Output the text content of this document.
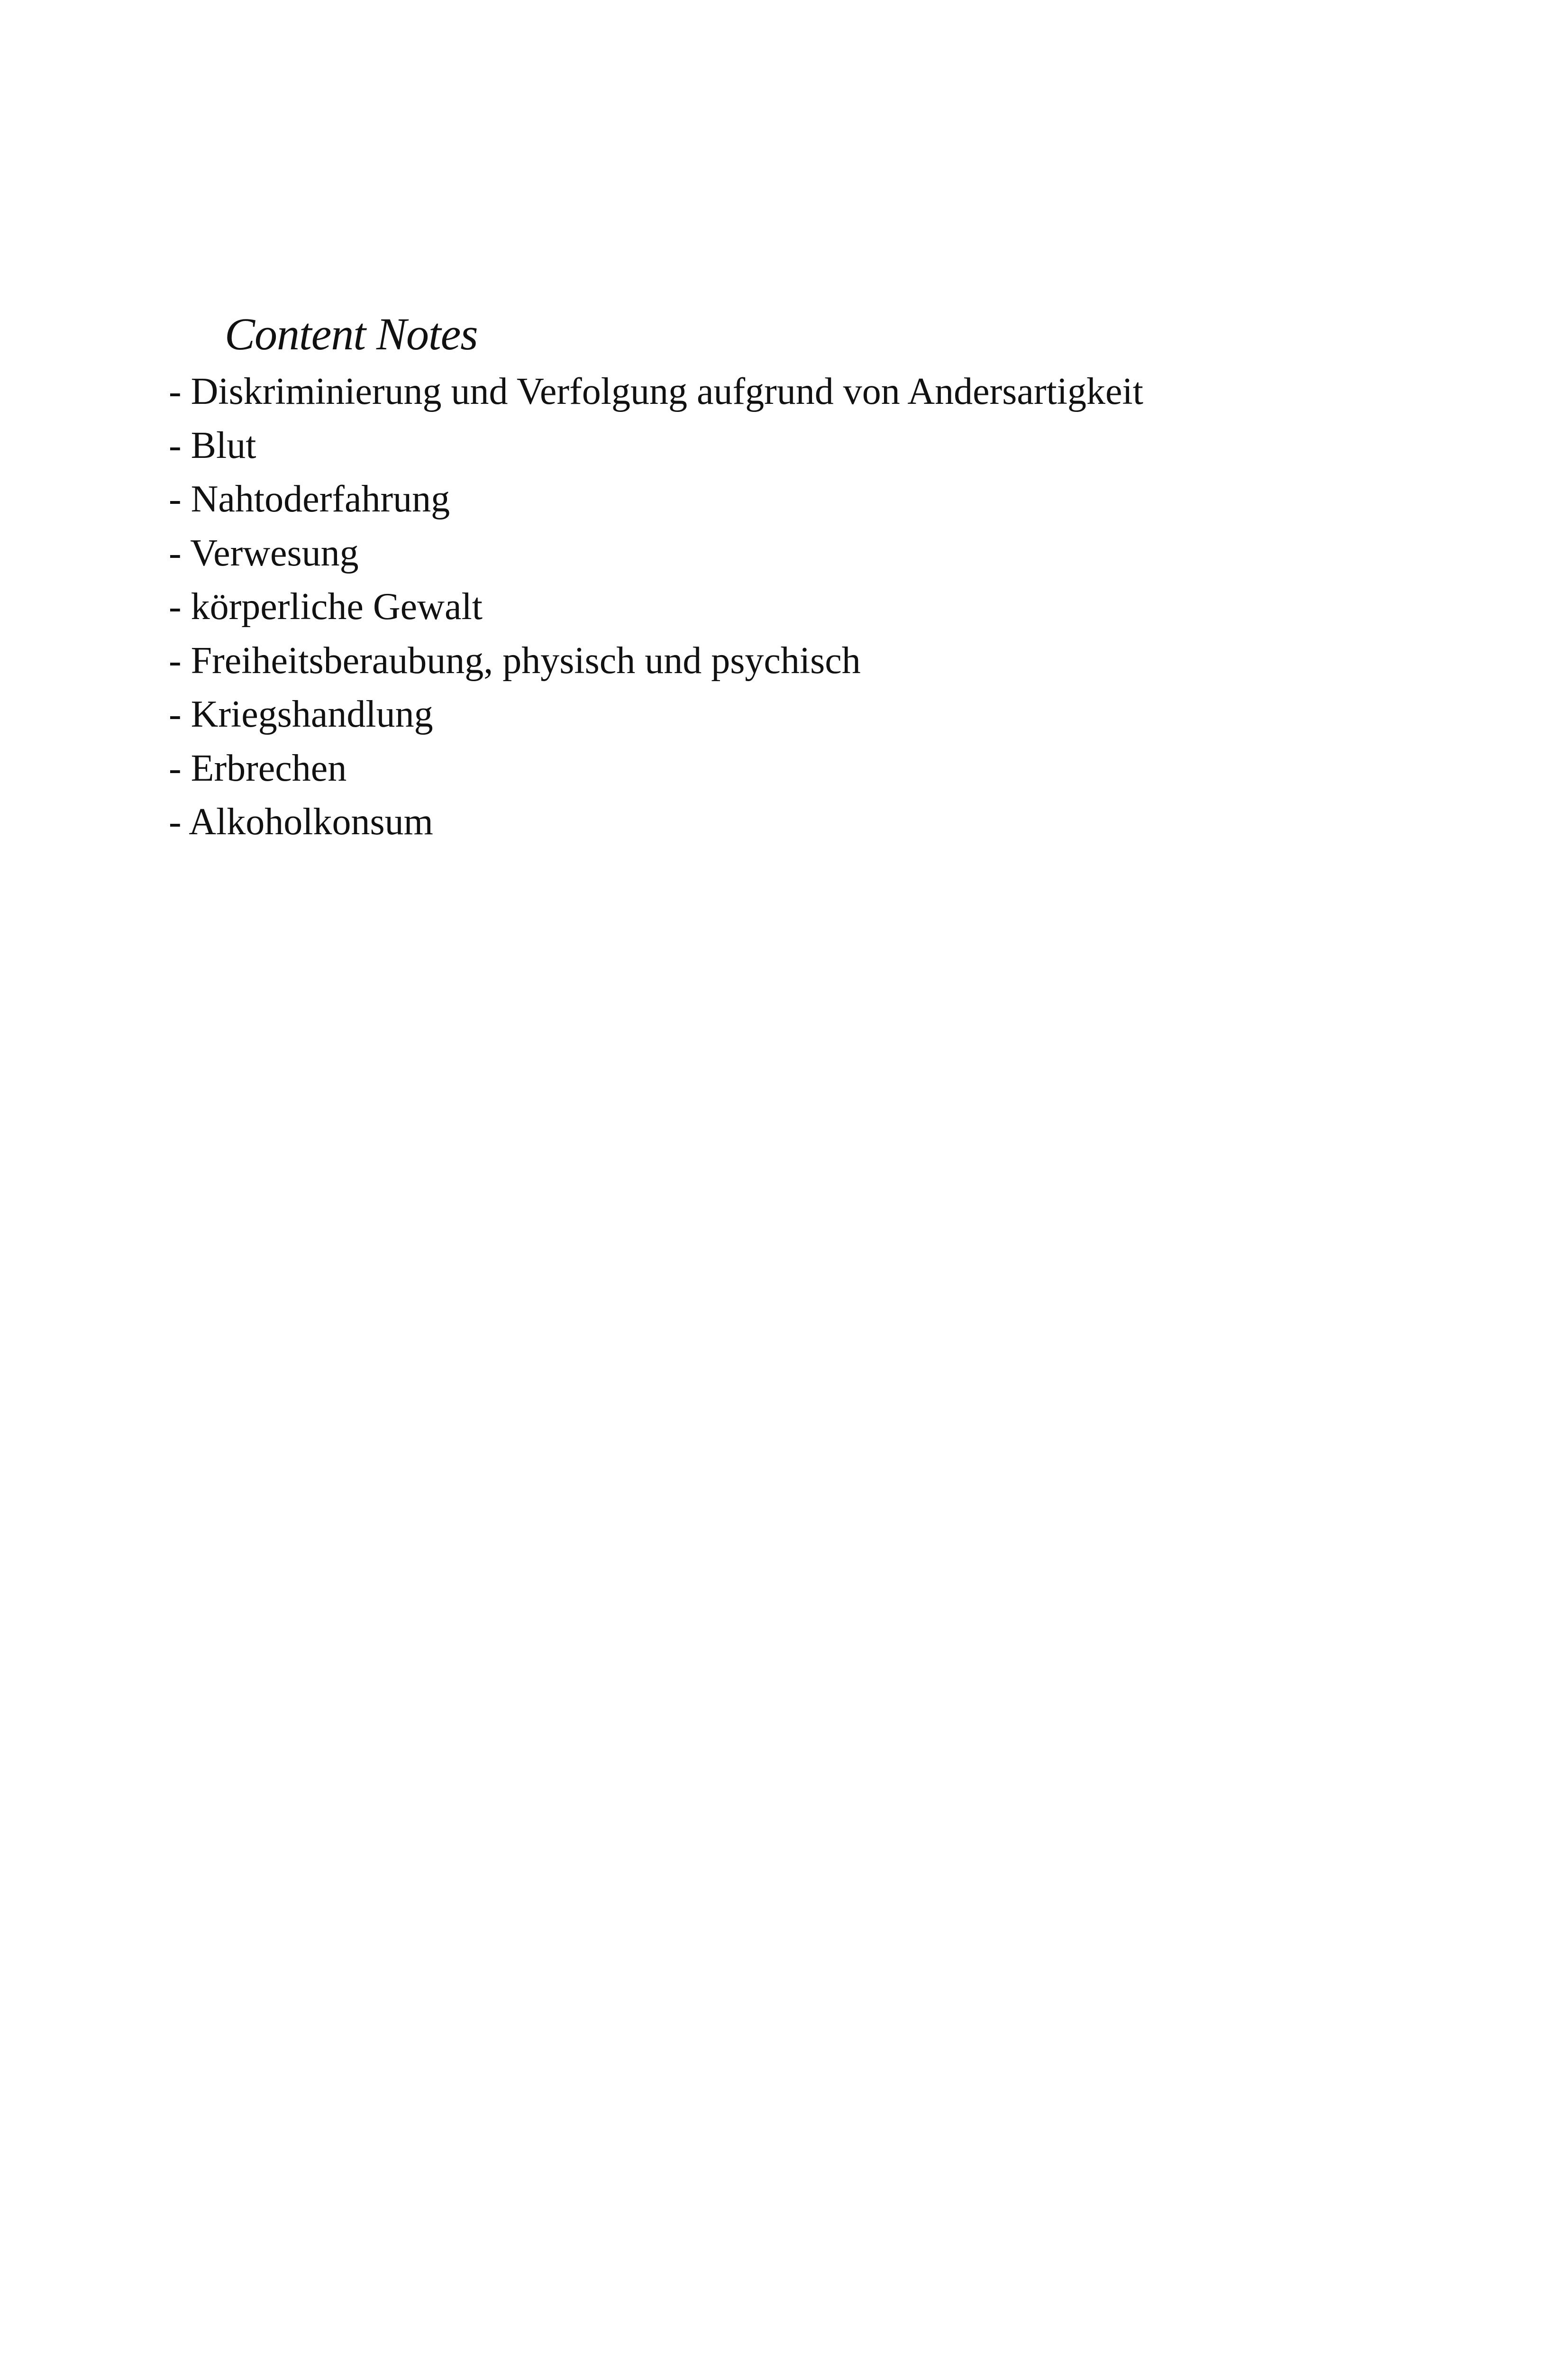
Content Notes
- Diskriminierung und Verfolgung aufgrund von Andersartigkeit
- Blut
- Nahtoderfahrung
- Verwesung
- körperliche Gewalt
- Freiheitsberaubung, physisch und psychisch
- Kriegshandlung
- Erbrechen
- Alkoholkonsum
